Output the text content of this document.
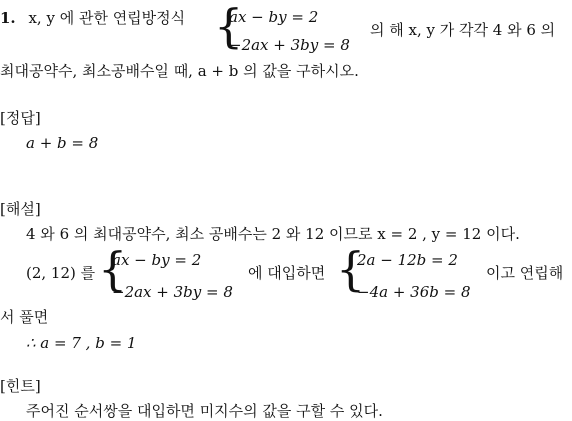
1. x, y 에 관한 연립방정식 {
ax − by = 2
−2ax + 3by = 8
의 해 x, y 가 각각 4 와 6 의
최대공약수, 최소공배수일 때, a + b 의 값을 구하시오.
[정답]
a + b = 8
[해설]
4 와 6 의 최대공약수, 최소 공배수는 2 와 12 이므로 x = 2 , y = 12 이다.
(2, 12) 를 {
ax − by = 2
−2ax + 3by = 8
에 대입하면 {
2a − 12b = 2
−4a + 36b = 8
이고 연립해
서 풀면
∴ a = 7 , b = 1
[힌트]
주어진 순서쌍을 대입하면 미지수의 값을 구할 수 있다.
